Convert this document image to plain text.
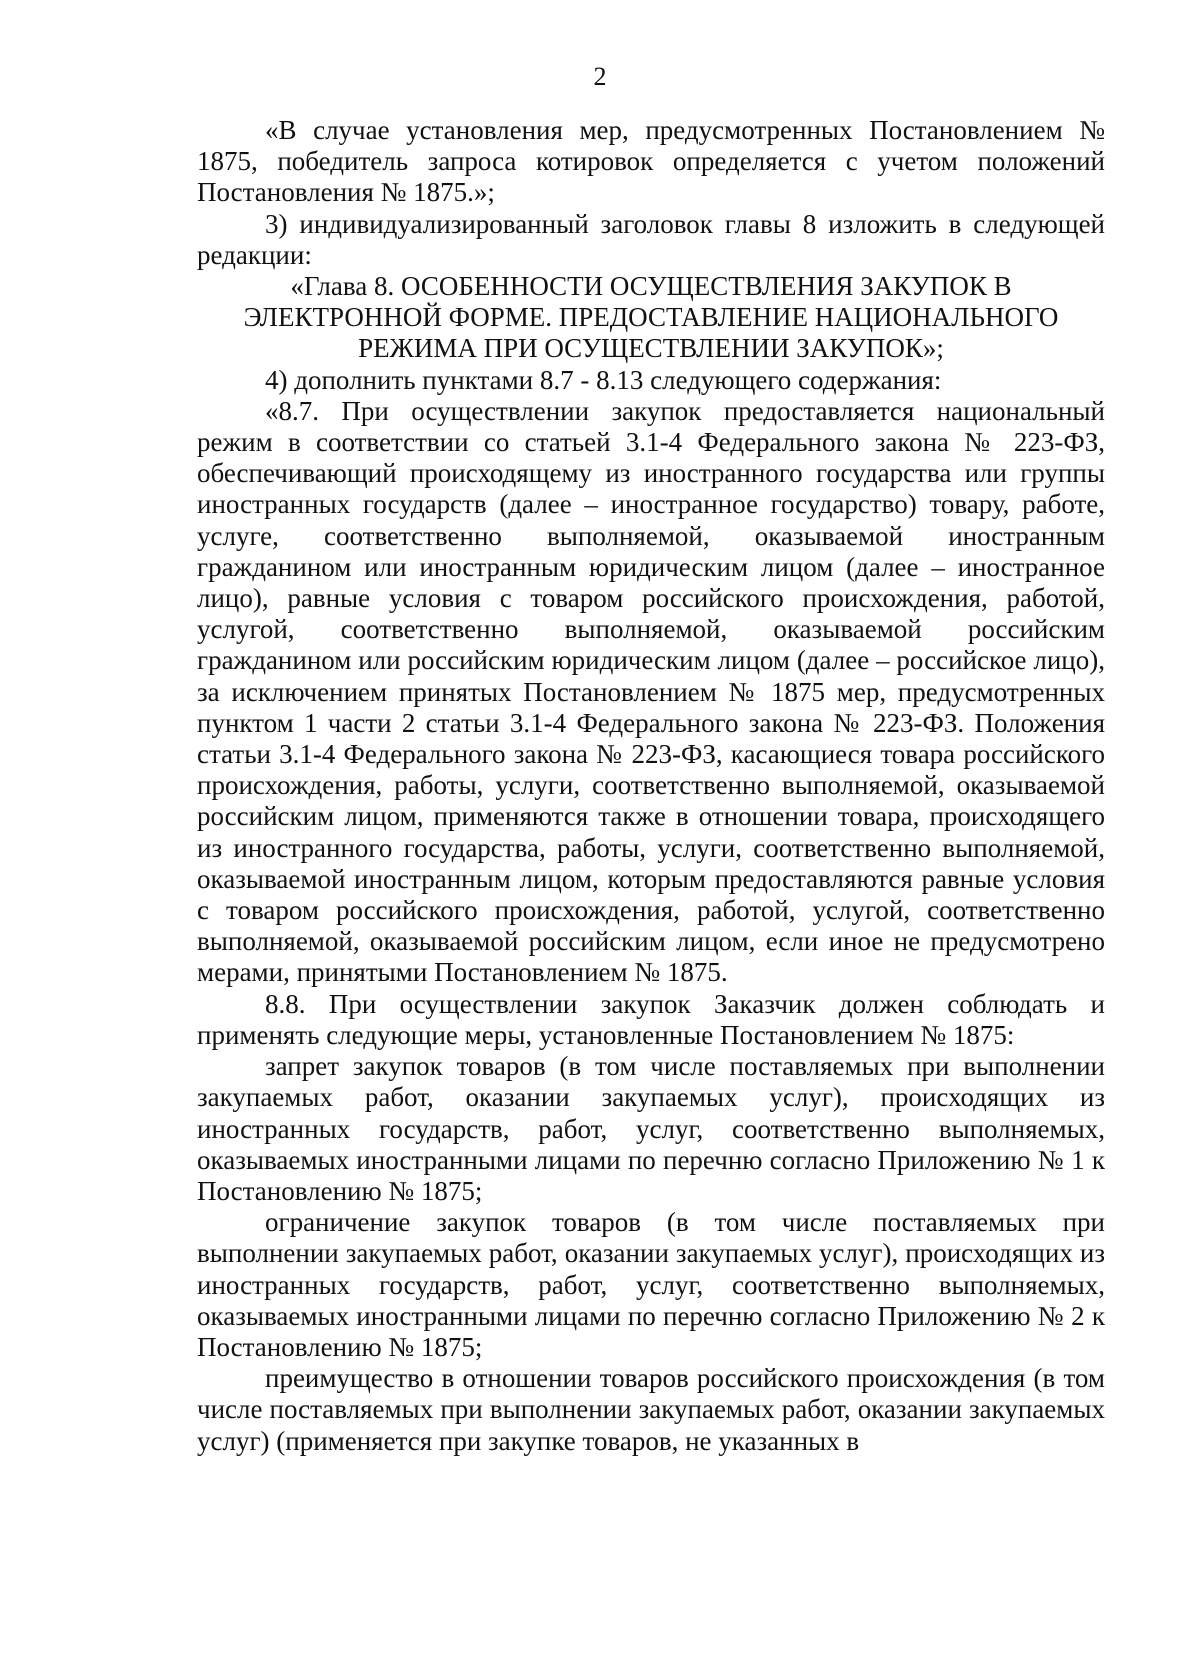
2

«В случае установления мер, предусмотренных Постановлением № 1875, победитель запроса котировок определяется с учетом положений Постановления № 1875.»;

3) индивидуализированный заголовок главы 8 изложить в следующей редакции:

«Глава 8. ОСОБЕННОСТИ ОСУЩЕСТВЛЕНИЯ ЗАКУПОК В
ЭЛЕКТРОННОЙ ФОРМЕ. ПРЕДОСТАВЛЕНИЕ НАЦИОНАЛЬНОГО
РЕЖИМА ПРИ ОСУЩЕСТВЛЕНИИ ЗАКУПОК»;

4) дополнить пунктами 8.7 - 8.13 следующего содержания:

«8.7. При осуществлении закупок предоставляется национальный режим в соответствии со статьей 3.1-4 Федерального закона № 223-ФЗ, обеспечивающий происходящему из иностранного государства или группы иностранных государств (далее – иностранное государство) товару, работе, услуге, соответственно выполняемой, оказываемой иностранным гражданином или иностранным юридическим лицом (далее – иностранное лицо), равные условия с товаром российского происхождения, работой, услугой, соответственно выполняемой, оказываемой российским гражданином или российским юридическим лицом (далее – российское лицо), за исключением принятых Постановлением № 1875 мер, предусмотренных пунктом 1 части 2 статьи 3.1-4 Федерального закона № 223-ФЗ. Положения статьи 3.1-4 Федерального закона № 223-ФЗ, касающиеся товара российского происхождения, работы, услуги, соответственно выполняемой, оказываемой российским лицом, применяются также в отношении товара, происходящего из иностранного государства, работы, услуги, соответственно выполняемой, оказываемой иностранным лицом, которым предоставляются равные условия с товаром российского происхождения, работой, услугой, соответственно выполняемой, оказываемой российским лицом, если иное не предусмотрено мерами, принятыми Постановлением № 1875.

8.8. При осуществлении закупок Заказчик должен соблюдать и применять следующие меры, установленные Постановлением № 1875:

запрет закупок товаров (в том числе поставляемых при выполнении закупаемых работ, оказании закупаемых услуг), происходящих из иностранных государств, работ, услуг, соответственно выполняемых, оказываемых иностранными лицами по перечню согласно Приложению № 1 к Постановлению № 1875;

ограничение закупок товаров (в том числе поставляемых при выполнении закупаемых работ, оказании закупаемых услуг), происходящих из иностранных государств, работ, услуг, соответственно выполняемых, оказываемых иностранными лицами по перечню согласно Приложению № 2 к Постановлению № 1875;

преимущество в отношении товаров российского происхождения (в том числе поставляемых при выполнении закупаемых работ, оказании закупаемых услуг) (применяется при закупке товаров, не указанных в
